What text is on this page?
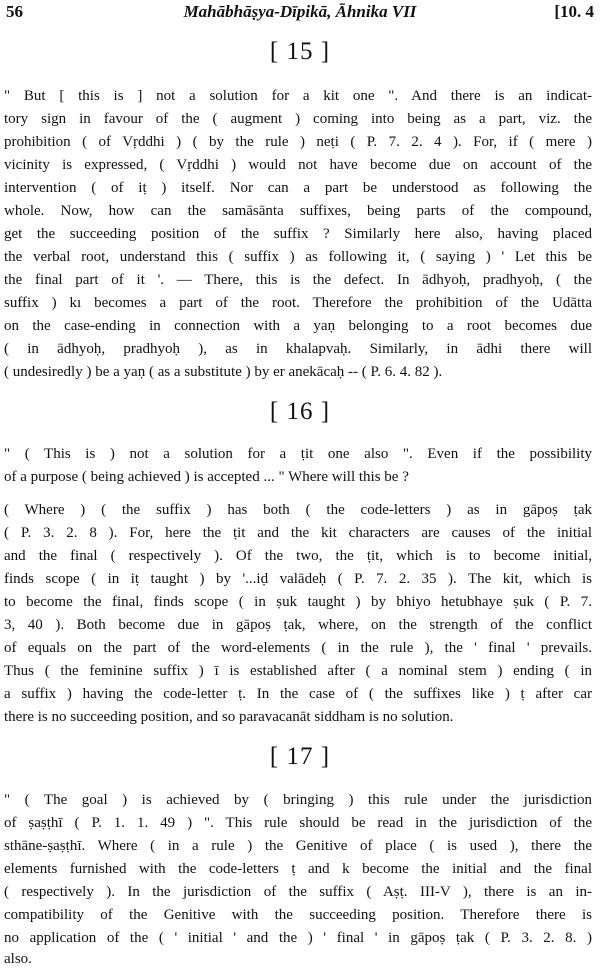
56	Mahābhāṣya-Dīpikā, Āhnika VII	[10. 4
[ 15 ]
" But [ this is ] not a solution for a kit one ". And there is an indicat-
tory sign in favour of the ( augment ) coming into being as a part, viz. the
prohibition ( of Vṛddhi ) ( by the rule ) neṭi ( P. 7. 2. 4 ). For, if ( mere )
vicinity is expressed, ( Vṛddhi ) would not have become due on account of the
intervention ( of iṭ ) itself. Nor can a part be understood as following the
whole. Now, how can the samāsānta suffixes, being parts of the compound,
get the succeeding position of the suffix ? Similarly here also, having placed
the verbal root, understand this ( suffix ) as following it, ( saying ) ' Let this be
the final part of it '. — There, this is the defect. In ādhyoḥ, pradhyoḥ, ( the
suffix ) kı becomes a part of the root. Therefore the prohibition of the Udātta
on the case-ending in connection with a yaṇ belonging to a root becomes due
( in ādhyoḥ, pradhyoḥ ), as in khalapvaḥ. Similarly, in ādhi there will
( undesiredly ) be a yaṇ ( as a substitute ) by er anekācaḥ -- ( P. 6. 4. 82 ).
[ 16 ]
" ( This is ) not a solution for a ṭit one also ". Even if the possibility
of a purpose ( being achieved ) is accepted ... " Where will this be ?
( Where ) ( the suffix ) has both ( the code-letters ) as in gāpoṣ ṭak
( P. 3. 2. 8 ). For, here the ṭit and the kit characters are causes of the initial
and the final ( respectively ). Of the two, the ṭit, which is to become initial,
finds scope ( in iṭ taught ) by '...iḍ valādeḥ ( P. 7. 2. 35 ). The kit, which is
to become the final, finds scope ( in ṣuk taught ) by bhiyo hetubhaye ṣuk ( P. 7.
3, 40 ). Both become due in gāpoṣ ṭak, where, on the strength of the conflict
of equals on the part of the word-elements ( in the rule ), the ' final ' prevails.
Thus ( the feminine suffix ) ī is established after ( a nominal stem ) ending ( in
a suffix ) having the code-letter ṭ. In the case of ( the suffixes like ) ṭ after car
there is no succeeding position, and so paravacanāt siddham is no solution.
[ 17 ]
" ( The goal ) is achieved by ( bringing ) this rule under the jurisdiction
of ṣaṣṭhī ( P. 1. 1. 49 ) ". This rule should be read in the jurisdiction of the
sthāne-ṣaṣṭhī. Where ( in a rule ) the Genitive of place ( is used ), there the
elements furnished with the code-letters ṭ and k become the initial and the final
( respectively ). In the jurisdiction of the suffix ( Aṣṭ. III-V ), there is an in-
compatibility of the Genitive with the succeeding position. Therefore there is
no application of the ( ' initial ' and the ) ' final ' in gāpoṣ ṭak ( P. 3. 2. 8. )
also.
